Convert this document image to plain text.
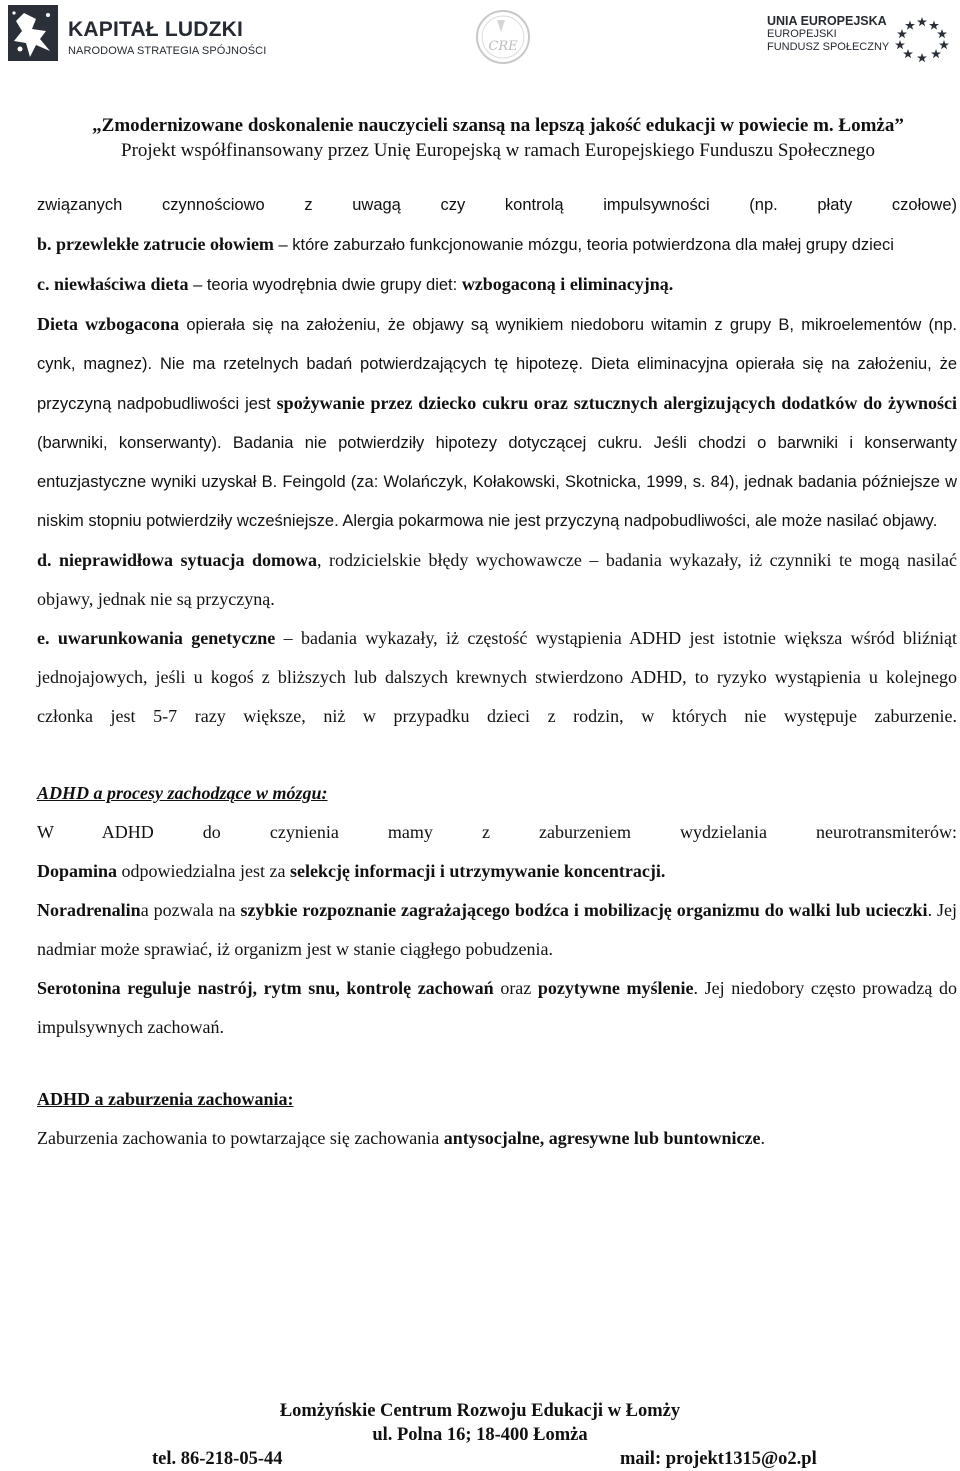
KAPITAŁ LUDZKI
NARODOWA STRATEGIA SPÓJNOŚCI	CRE
UNIA EUROPEJSKA
EUROPEJSKI
FUNDUSZ SPOŁECZNY
„Zmodernizowane doskonalenie nauczycieli szansą na lepszą jakość edukacji w powiecie m. Łomża”
Projekt współfinansowany przez Unię Europejską w ramach Europejskiego Funduszu Społecznego

związanych czynnościowo z uwagą czy kontrolą impulsywności (np. płaty czołowe)

b. przewlekłe zatrucie ołowiem – które zaburzało funkcjonowanie mózgu, teoria potwierdzona dla małej grupy dzieci

c. niewłaściwa dieta – teoria wyodrębnia dwie grupy diet: wzbogaconą i eliminacyjną.

Dieta wzbogacona opierała się na założeniu, że objawy są wynikiem niedoboru witamin z grupy B, mikroelementów (np. cynk, magnez). Nie ma rzetelnych badań potwierdzających tę hipotezę. Dieta eliminacyjna opierała się na założeniu, że przyczyną nadpobudliwości jest spożywanie przez dziecko cukru oraz sztucznych alergizujących dodatków do żywności (barwniki, konserwanty). Badania nie potwierdziły hipotezy dotyczącej cukru. Jeśli chodzi o barwniki i konserwanty entuzjastyczne wyniki uzyskał B. Feingold (za: Wolańczyk, Kołakowski, Skotnicka, 1999, s. 84), jednak badania późniejsze w niskim stopniu potwierdziły wcześniejsze. Alergia pokarmowa nie jest przyczyną nadpobudliwości, ale może nasilać objawy.

d. nieprawidłowa sytuacja domowa, rodzicielskie błędy wychowawcze – badania wykazały, iż czynniki te mogą nasilać objawy, jednak nie są przyczyną.

e. uwarunkowania genetyczne – badania wykazały, iż częstość wystąpienia ADHD jest istotnie większa wśród bliźniąt jednojajowych, jeśli u kogoś z bliższych lub dalszych krewnych stwierdzono ADHD, to ryzyko wystąpienia u kolejnego członka jest 5-7 razy większe, niż w przypadku dzieci z rodzin, w których nie występuje zaburzenie.

ADHD a procesy zachodzące w mózgu:

W ADHD do czynienia mamy z zaburzeniem wydzielania neurotransmiterów:

Dopamina odpowiedzialna jest za selekcję informacji i utrzymywanie koncentracji.

Noradrenalina pozwala na szybkie rozpoznanie zagrażającego bodźca i mobilizację organizmu do walki lub ucieczki. Jej nadmiar może sprawiać, iż organizm jest w stanie ciągłego pobudzenia.

Serotonina reguluje nastrój, rytm snu, kontrolę zachowań oraz pozytywne myślenie. Jej niedobory często prowadzą do impulsywnych zachowań.

ADHD a zaburzenia zachowania:

Zaburzenia zachowania to powtarzające się zachowania antysocjalne, agresywne lub buntownicze.

Łomżyńskie Centrum Rozwoju Edukacji w Łomży
ul. Polna 16; 18-400 Łomża
tel. 86-218-05-44	mail: projekt1315@o2.pl
